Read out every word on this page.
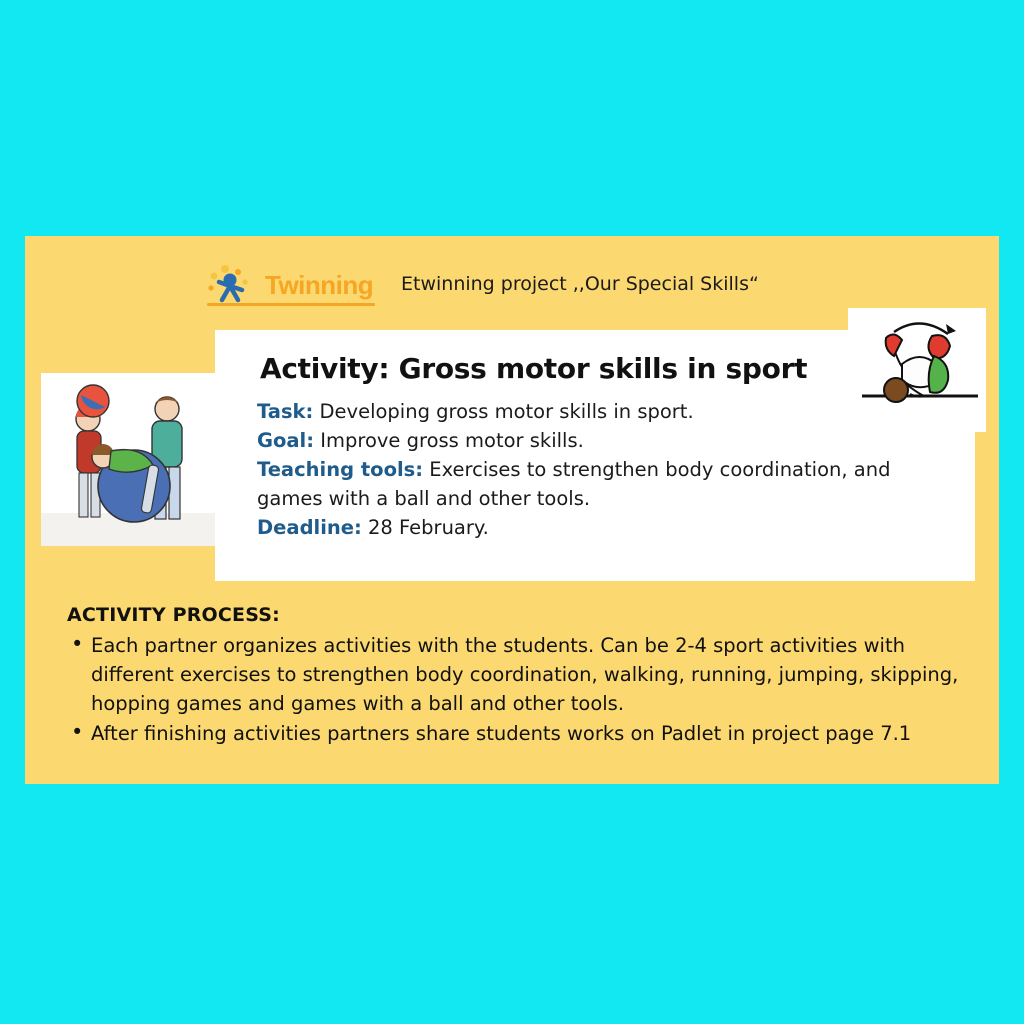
Twinning Etwinning project ,,Our Special Skills“
Activity: Gross motor skills in sport

Task: Developing gross motor skills in sport.

Goal: Improve gross motor skills.

Teaching tools: Exercises to strengthen body coordination, and games with a ball and other tools.

Deadline: 28 February.

ACTIVITY PROCESS:
• Each partner organizes activities with the students. Can be 2-4 sport activities with different exercises to strengthen body coordination, walking, running, jumping, skipping, hopping games and games with a ball and other tools.
• After finishing activities partners share students works on Padlet in project page 7.1
